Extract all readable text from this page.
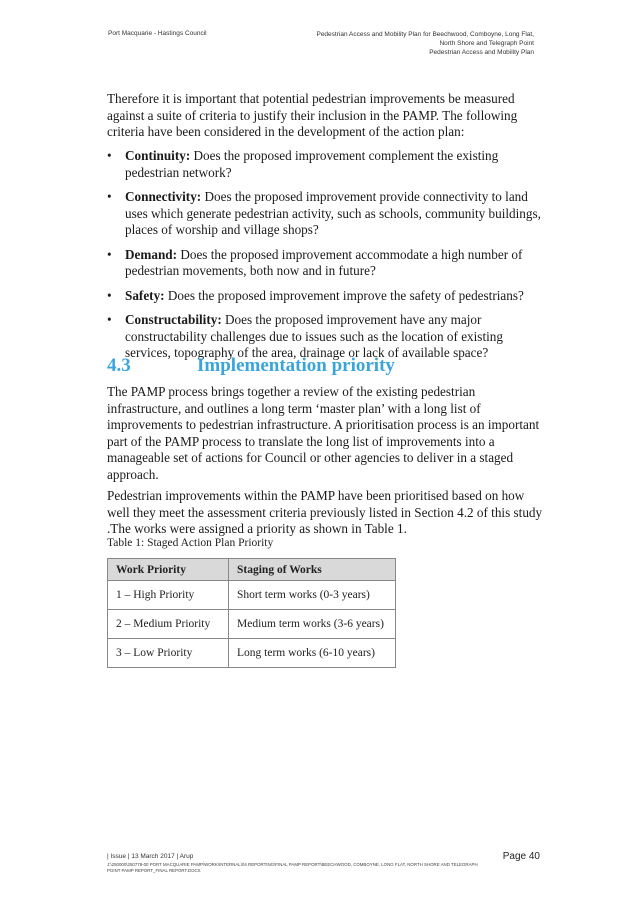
Port Macquarie - Hastings Council	Pedestrian Access and Mobility Plan for Beechwood, Comboyne, Long Flat,
North Shore and Telegraph Point
Pedestrian Access and Mobility Plan

Therefore it is important that potential pedestrian improvements be measured against a suite of criteria to justify their inclusion in the PAMP. The following criteria have been considered in the development of the action plan:

• Continuity: Does the proposed improvement complement the existing pedestrian network?
• Connectivity: Does the proposed improvement provide connectivity to land uses which generate pedestrian activity, such as schools, community buildings, places of worship and village shops?
• Demand: Does the proposed improvement accommodate a high number of pedestrian movements, both now and in future?
• Safety: Does the proposed improvement improve the safety of pedestrians?
• Constructability: Does the proposed improvement have any major constructability challenges due to issues such as the location of existing services, topography of the area, drainage or lack of available space?
4.3	Implementation priority

The PAMP process brings together a review of the existing pedestrian infrastructure, and outlines a long term ‘master plan’ with a long list of improvements to pedestrian infrastructure. A prioritisation process is an important part of the PAMP process to translate the long list of improvements into a manageable set of actions for Council or other agencies to deliver in a staged approach.

Pedestrian improvements within the PAMP have been prioritised based on how well they meet the assessment criteria previously listed in Section 4.2 of this study .The works were assigned a priority as shown in Table 1.

Table 1: Staged Action Plan Priority
Work Priority	Staging of Works
1 – High Priority	Short term works (0-3 years)
2 – Medium Priority	Medium term works (3-6 years)
3 – Low Priority	Long term works (6-10 years)
| Issue | 13 March 2017 | Arup
J:\250000\250778-00 PORT MACQUARIE PAMP\WORK\INTERNAL\04 REPORTING\FINAL PAMP REPORT\BEECHWOOD, COMBOYNE, LONG FLAT, NORTH SHORE AND TELEGRAPH POINT PAMP REPORT_FINAL REPORT.DOCX
Page 40
